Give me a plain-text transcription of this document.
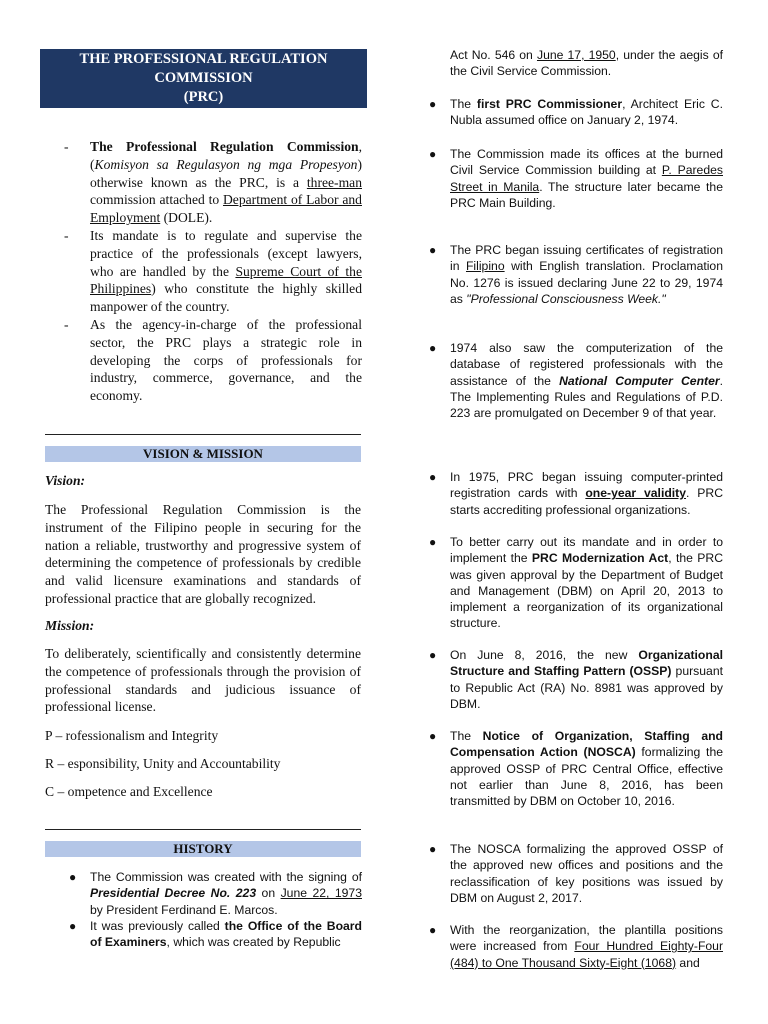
THE PROFESSIONAL REGULATION
COMMISSION
(PRC)
- The Professional Regulation Commission, (Komisyon sa Regulasyon ng mga Propesyon) otherwise known as the PRC, is a three-man commission attached to Department of Labor and Employment (DOLE).
- Its mandate is to regulate and supervise the practice of the professionals (except lawyers, who are handled by the Supreme Court of the Philippines) who constitute the highly skilled manpower of the country.
- As the agency-in-charge of the professional sector, the PRC plays a strategic role in developing the corps of professionals for industry, commerce, governance, and the economy.
VISION & MISSION
Vision:
The Professional Regulation Commission is the instrument of the Filipino people in securing for the nation a reliable, trustworthy and progressive system of determining the competence of professionals by credible and valid licensure examinations and standards of professional practice that are globally recognized.
Mission:
To deliberately, scientifically and consistently determine the competence of professionals through the provision of professional standards and judicious issuance of professional license.
P – rofessionalism and Integrity
R – esponsibility, Unity and Accountability
C – ompetence and Excellence
HISTORY
● The Commission was created with the signing of Presidential Decree No. 223 on June 22, 1973 by President Ferdinand E. Marcos.
● It was previously called the Office of the Board of Examiners, which was created by Republic
Act No. 546 on June 17, 1950, under the aegis of the Civil Service Commission.
● The first PRC Commissioner, Architect Eric C. Nubla assumed office on January 2, 1974.
● The Commission made its offices at the burned Civil Service Commission building at P. Paredes Street in Manila. The structure later became the PRC Main Building.
● The PRC began issuing certificates of registration in Filipino with English translation. Proclamation No. 1276 is issued declaring June 22 to 29, 1974 as "Professional Consciousness Week."
● 1974 also saw the computerization of the database of registered professionals with the assistance of the National Computer Center. The Implementing Rules and Regulations of P.D. 223 are promulgated on December 9 of that year.
● In 1975, PRC began issuing computer-printed registration cards with one-year validity. PRC starts accrediting professional organizations.
● To better carry out its mandate and in order to implement the PRC Modernization Act, the PRC was given approval by the Department of Budget and Management (DBM) on April 20, 2013 to implement a reorganization of its organizational structure.
● On June 8, 2016, the new Organizational Structure and Staffing Pattern (OSSP) pursuant to Republic Act (RA) No. 8981 was approved by DBM.
● The Notice of Organization, Staffing and Compensation Action (NOSCA) formalizing the approved OSSP of PRC Central Office, effective not earlier than June 8, 2016, has been transmitted by DBM on October 10, 2016.
● The NOSCA formalizing the approved OSSP of the approved new offices and positions and the reclassification of key positions was issued by DBM on August 2, 2017.
● With the reorganization, the plantilla positions were increased from Four Hundred Eighty-Four (484) to One Thousand Sixty-Eight (1068) and
